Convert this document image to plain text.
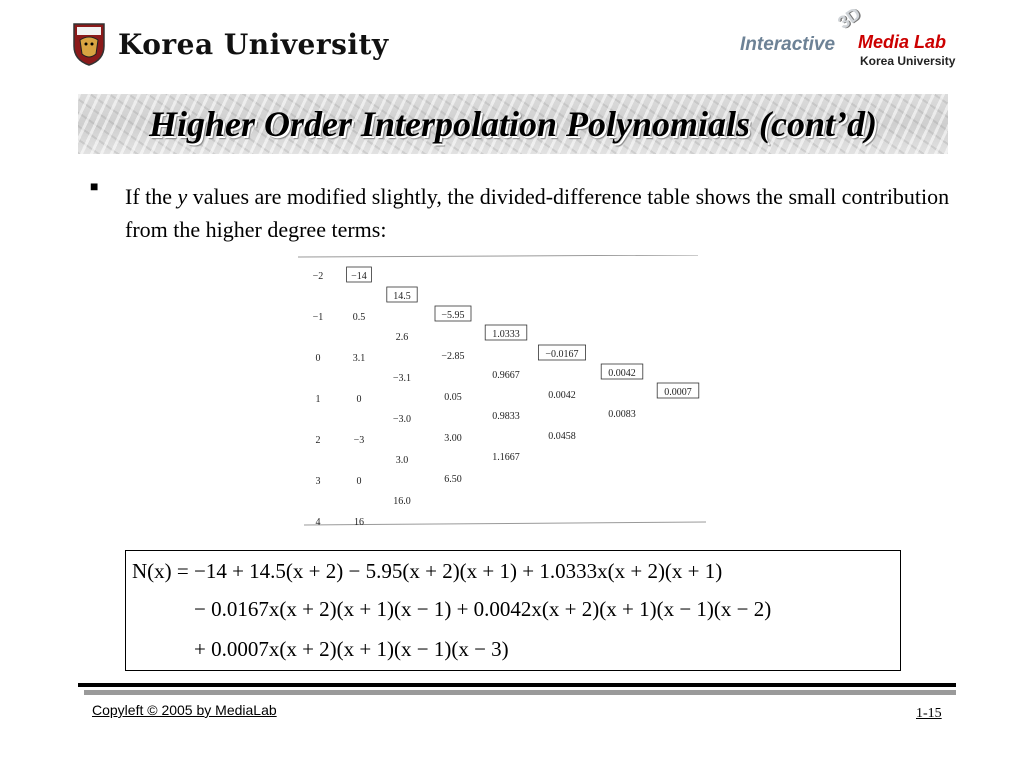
Korea University
3D
Interactive Media Lab
Korea University
Higher Order Interpolation Polynomials (cont’d)
■ If the y values are modified slightly, the divided-difference table shows the small contribution from the higher degree terms:
−2
−1
0
1
2
3
4
−14
0.5
3.1
0
−3
0
16
14.5
2.6
−3.1
−3.0
3.0
16.0
−5.95
−2.85
0.05
3.00
6.50
1.0333
0.9667
0.9833
1.1667
−0.0167
0.0042
0.0458
0.0042
0.0083
0.0007
N(x) = −14 + 14.5(x + 2) − 5.95(x + 2)(x + 1) + 1.0333x(x + 2)(x + 1)
− 0.0167x(x + 2)(x + 1)(x − 1) + 0.0042x(x + 2)(x + 1)(x − 1)(x − 2)
+ 0.0007x(x + 2)(x + 1)(x − 1)(x − 3)
Copyleft © 2005 by MediaLab	1-15
